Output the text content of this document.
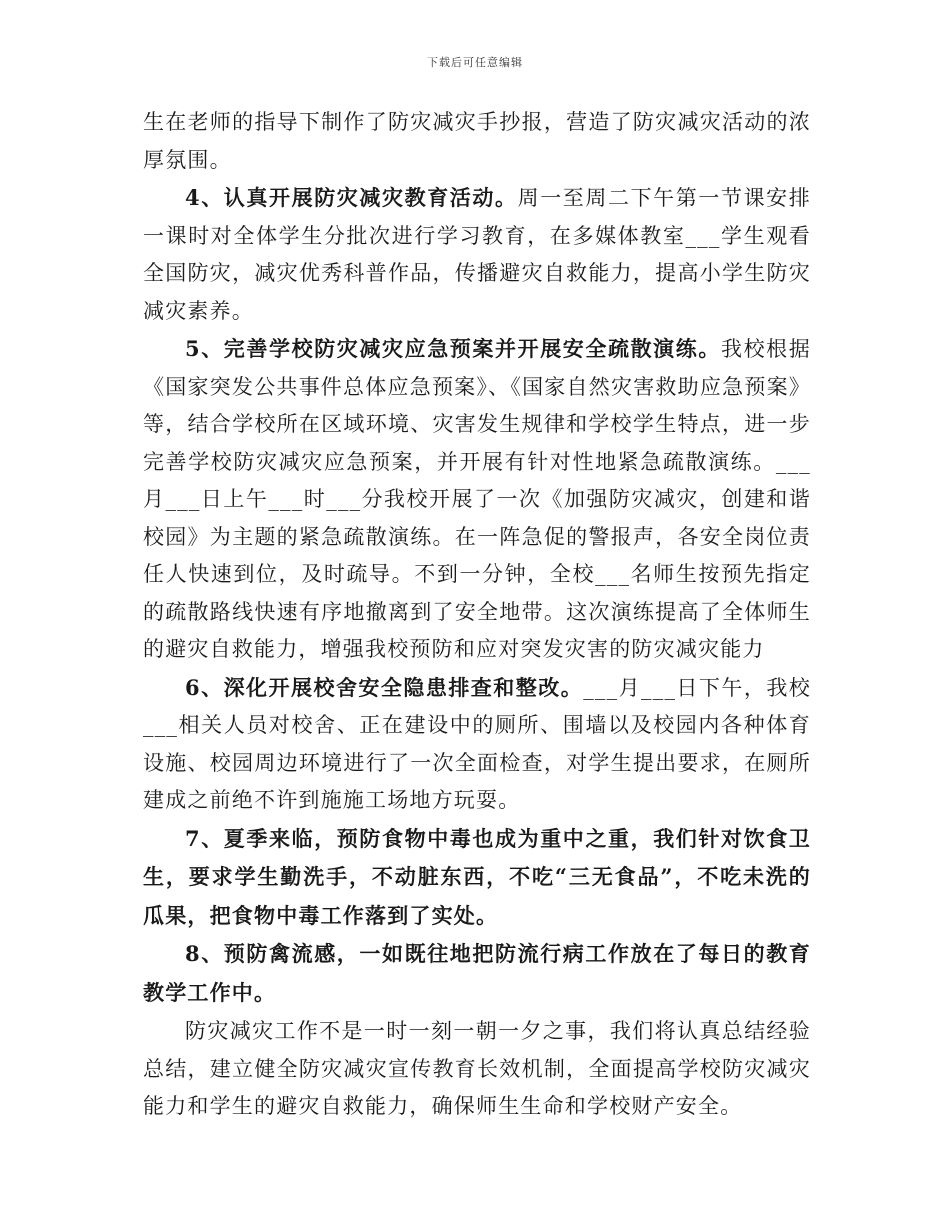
下载后可任意编辑

生在老师的指导下制作了防灾减灾手抄报，营造了防灾减灾活动的浓厚氛围。

4、认真开展防灾减灾教育活动。周一至周二下午第一节课安排一课时对全体学生分批次进行学习教育，在多媒体教室___学生观看全国防灾，减灾优秀科普作品，传播避灾自救能力，提高小学生防灾减灾素养。

5、完善学校防灾减灾应急预案并开展安全疏散演练。我校根据《国家突发公共事件总体应急预案》、《国家自然灾害救助应急预案》等，结合学校所在区域环境、灾害发生规律和学校学生特点，进一步完善学校防灾减灾应急预案，并开展有针对性地紧急疏散演练。___月___日上午___时___分我校开展了一次《加强防灾减灾，创建和谐校园》为主题的紧急疏散演练。在一阵急促的警报声，各安全岗位责任人快速到位，及时疏导。不到一分钟，全校___名师生按预先指定的疏散路线快速有序地撤离到了安全地带。这次演练提高了全体师生的避灾自救能力，增强我校预防和应对突发灾害的防灾减灾能力

6、深化开展校舍安全隐患排查和整改。___月___日下午，我校___相关人员对校舍、正在建设中的厕所、围墙以及校园内各种体育设施、校园周边环境进行了一次全面检查，对学生提出要求，在厕所建成之前绝不许到施施工场地方玩耍。

7、夏季来临，预防食物中毒也成为重中之重，我们针对饮食卫生，要求学生勤洗手，不动脏东西，不吃“三无食品”，不吃未洗的瓜果，把食物中毒工作落到了实处。

8、预防禽流感，一如既往地把防流行病工作放在了每日的教育教学工作中。

防灾减灾工作不是一时一刻一朝一夕之事，我们将认真总结经验总结，建立健全防灾减灾宣传教育长效机制，全面提高学校防灾减灾能力和学生的避灾自救能力，确保师生生命和学校财产安全。
